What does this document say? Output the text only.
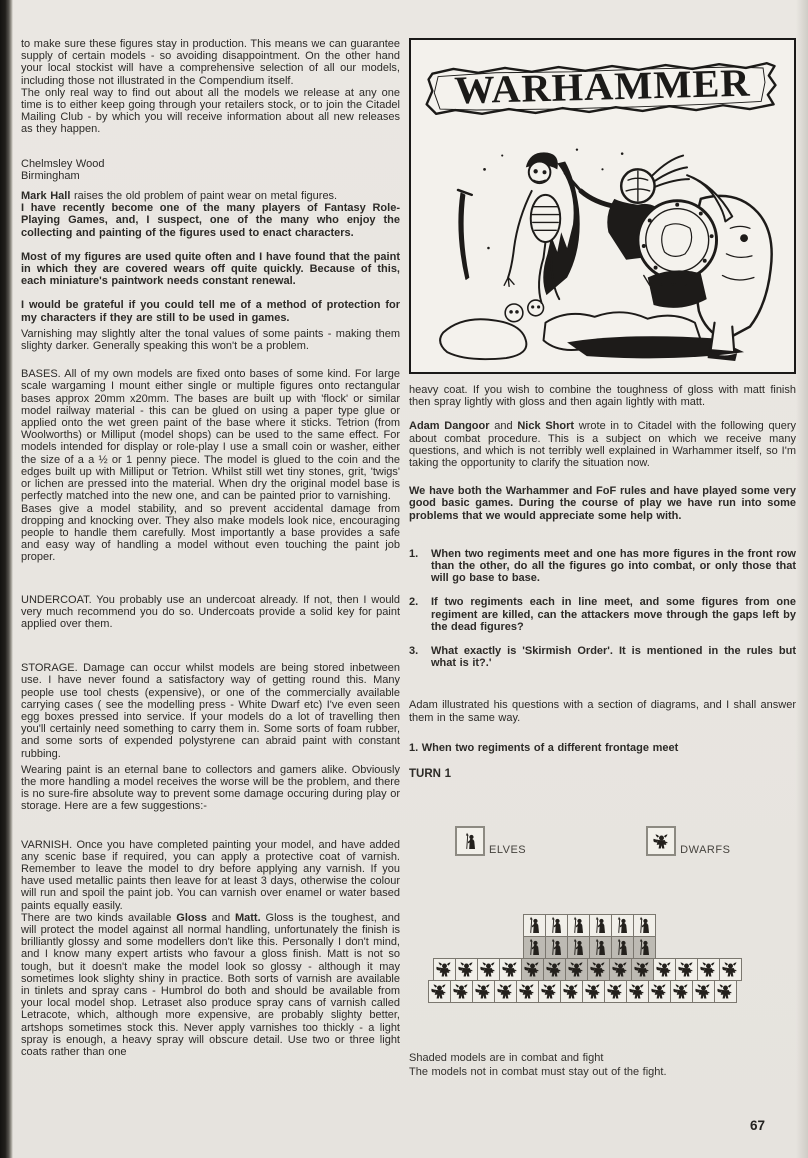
to make sure these figures stay in production. This means we can guarantee supply of certain models - so avoiding disappointment. On the other hand your local stockist will have a comprehensive selection of all our models, including those not illustrated in the Compendium itself.

The only real way to find out about all the models we release at any one time is to either keep going through your retailers stock, or to join the Citadel Mailing Club - by which you will receive information about all new releases as they happen.

Chelmsley Wood

Birmingham

Mark Hall raises the old problem of paint wear on metal figures.

I have recently become one of the many players of Fantasy Role-Playing Games, and, I suspect, one of the many who enjoy the collecting and painting of the figures used to enact characters.

Most of my figures are used quite often and I have found that the paint in which they are covered wears off quite quickly. Because of this, each miniature's paintwork needs constant renewal.

I would be grateful if you could tell me of a method of protection for my characters if they are still to be used in games.

Varnishing may slightly alter the tonal values of some paints - making them slighty darker. Generally speaking this won't be a problem.

BASES. All of my own models are fixed onto bases of some kind. For large scale wargaming I mount either single or multiple figures onto rectangular bases approx 20mm x20mm. The bases are built up with 'flock' or similar model railway material - this can be glued on using a paper type glue or applied onto the wet green paint of the base where it sticks. Tetrion (from Woolworths) or Milliput (model shops) can be used to the same effect. For models intended for display or role-play I use a small coin or washer, either the size of a a ½ or 1 penny piece. The model is glued to the coin and the edges built up with Milliput or Tetrion. Whilst still wet tiny stones, grit, 'twigs' or lichen are pressed into the material. When dry the original model base is perfectly matched into the new one, and can be painted prior to varnishing.

Bases give a model stability, and so prevent accidental damage from dropping and knocking over. They also make models look nice, encouraging people to handle them carefully. Most importantly a base provides a safe and easy way of handling a model without even touching the paint job proper.

UNDERCOAT. You probably use an undercoat already. If not, then I would very much recommend you do so. Undercoats provide a solid key for paint applied over them.

STORAGE. Damage can occur whilst models are being stored inbetween use. I have never found a satisfactory way of getting round this. Many people use tool chests (expensive), or one of the commercially available carrying cases ( see the modelling press - White Dwarf etc) I've even seen egg boxes pressed into service. If your models do a lot of travelling then you'll certainly need something to carry them in. Some sorts of foam rubber, and some sorts of expended polystyrene can abraid paint with constant rubbing.

Wearing paint is an eternal bane to collectors and gamers alike. Obviously the more handling a model receives the worse will be the problem, and there is no sure-fire absolute way to prevent some damage occuring during play or storage. Here are a few suggestions:-

VARNISH. Once you have completed painting your model, and have added any scenic base if required, you can apply a protective coat of varnish. Remember to leave the model to dry before applying any varnish. If you have used metallic paints then leave for at least 3 days, otherwise the colour will run and spoil the paint job. You can varnish over enamel or water based paints equally easily.

There are two kinds available Gloss and Matt. Gloss is the toughest, and will protect the model against all normal handling, unfortunately the finish is brilliantly glossy and some modellers don't like this. Personally I don't mind, and I know many expert artists who favour a gloss finish. Matt is not so tough, but it doesn't make the model look so glossy - although it may sometimes look slighty shiny in practice. Both sorts of varnish are available in tinlets and spray cans - Humbrol do both and should be available from your local model shop. Letraset also produce spray cans of varnish called Letracote, which, although more expensive, are probably slighty better, artshops sometimes stock this. Never apply varnishes too thickly - a light spray is enough, a heavy spray will obscure detail. Use two or three light coats rather than one

WARHAMMER

heavy coat. If you wish to combine the toughness of gloss with matt finish then spray lightly with gloss and then again lightly with matt.

Adam Dangoor and Nick Short wrote in to Citadel with the following query about combat procedure. This is a subject on which we receive many questions, and which is not terribly well explained in Warhammer itself, so I'm taking the opportunity to clarify the situation now.

We have both the Warhammer and FoF rules and have played some very good basic games. During the course of play we have run into some problems that we would appreciate some help with.

1.	When two regiments meet and one has more figures in the front row than the other, do all the figures go into combat, or only those that will go base to base.
2.	If two regiments each in line meet, and some figures from one regiment are killed, can the attackers move through the gaps left by the dead figures?
3.	What exactly is 'Skirmish Order'. It is mentioned in the rules but what is it?.'

Adam illustrated his questions with a section of diagrams, and I shall answer them in the same way.

1. When two regiments of a different frontage meet

TURN 1

ELVES	DWARFS

Shaded models are in combat and fight

The models not in combat must stay out of the fight.

67
